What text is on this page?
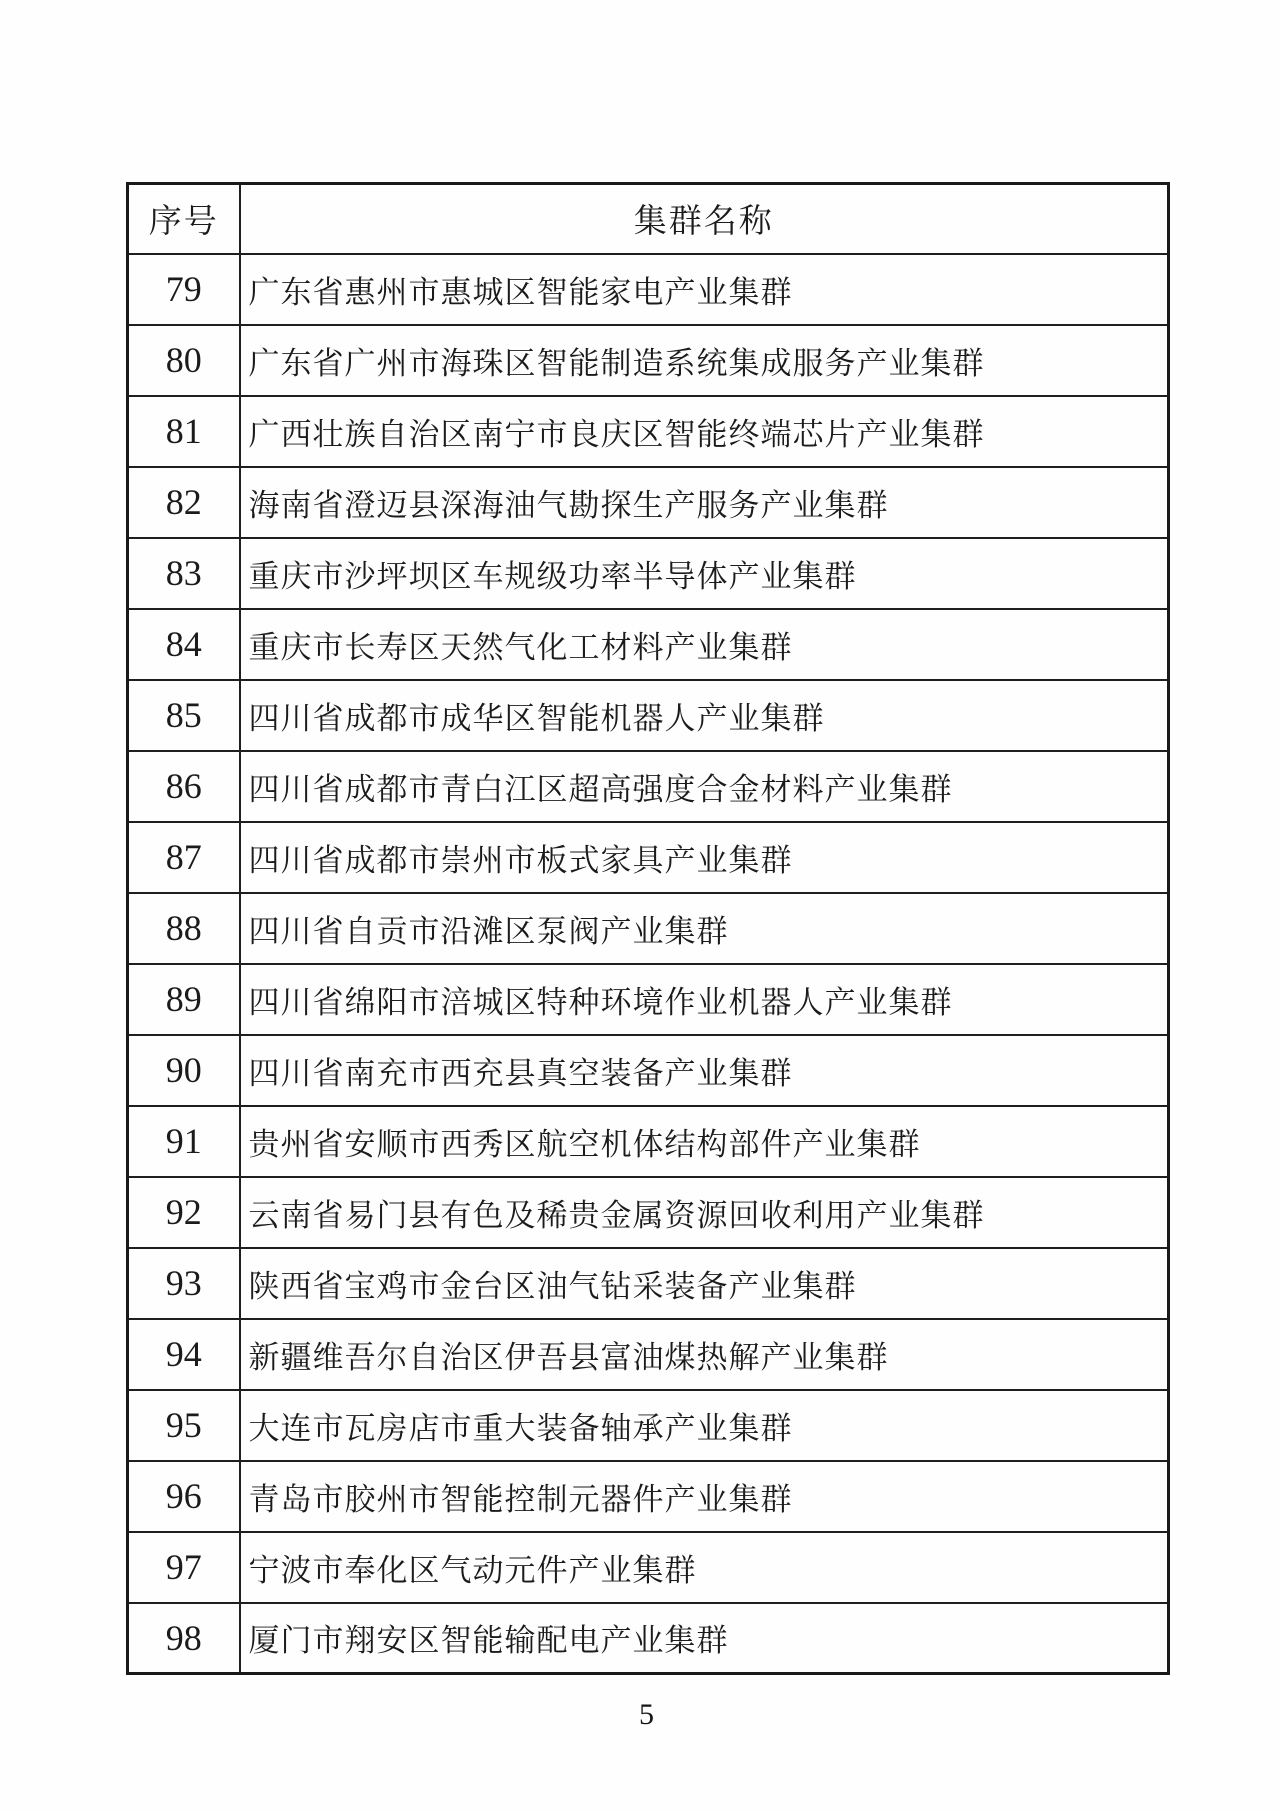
序号	集群名称
79	广东省惠州市惠城区智能家电产业集群
80	广东省广州市海珠区智能制造系统集成服务产业集群
81	广西壮族自治区南宁市良庆区智能终端芯片产业集群
82	海南省澄迈县深海油气勘探生产服务产业集群
83	重庆市沙坪坝区车规级功率半导体产业集群
84	重庆市长寿区天然气化工材料产业集群
85	四川省成都市成华区智能机器人产业集群
86	四川省成都市青白江区超高强度合金材料产业集群
87	四川省成都市崇州市板式家具产业集群
88	四川省自贡市沿滩区泵阀产业集群
89	四川省绵阳市涪城区特种环境作业机器人产业集群
90	四川省南充市西充县真空装备产业集群
91	贵州省安顺市西秀区航空机体结构部件产业集群
92	云南省易门县有色及稀贵金属资源回收利用产业集群
93	陕西省宝鸡市金台区油气钻采装备产业集群
94	新疆维吾尔自治区伊吾县富油煤热解产业集群
95	大连市瓦房店市重大装备轴承产业集群
96	青岛市胶州市智能控制元器件产业集群
97	宁波市奉化区气动元件产业集群
98	厦门市翔安区智能输配电产业集群
5
